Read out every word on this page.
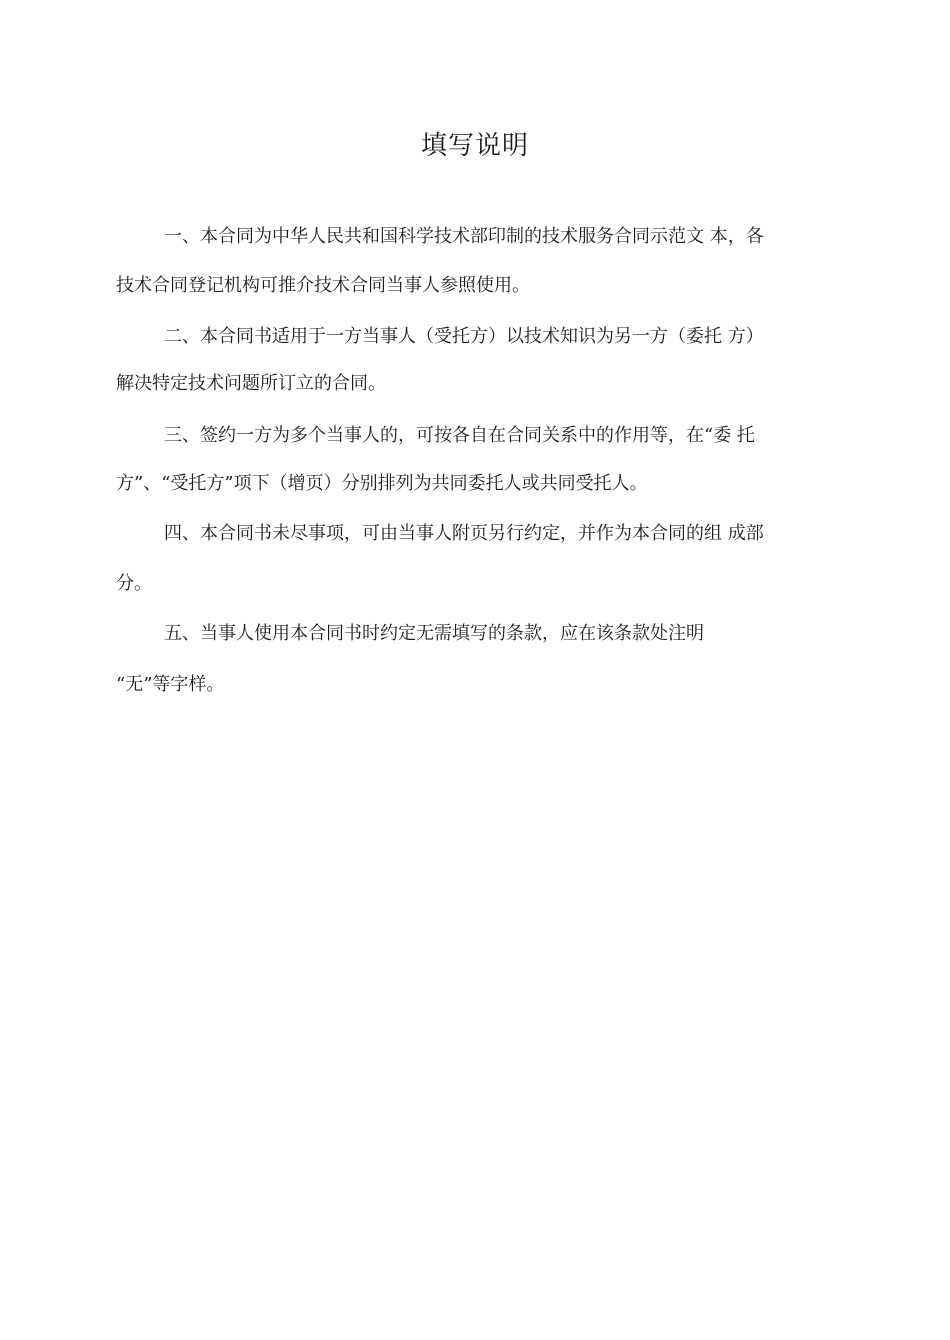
填写说明
一、本合同为中华人民共和国科学技术部印制的技术服务合同示范文 本，各
技术合同登记机构可推介技术合同当事人参照使用。
二、本合同书适用于一方当事人（受托方）以技术知识为另一方（委托 方）
解决特定技术问题所订立的合同。
三、签约一方为多个当事人的，可按各自在合同关系中的作用等，在“委 托
方”、“受托方”项下（增页）分别排列为共同委托人或共同受托人。
四、本合同书未尽事项，可由当事人附页另行约定，并作为本合同的组 成部
分。
五、当事人使用本合同书时约定无需填写的条款，应在该条款处注明
“无”等字样。
